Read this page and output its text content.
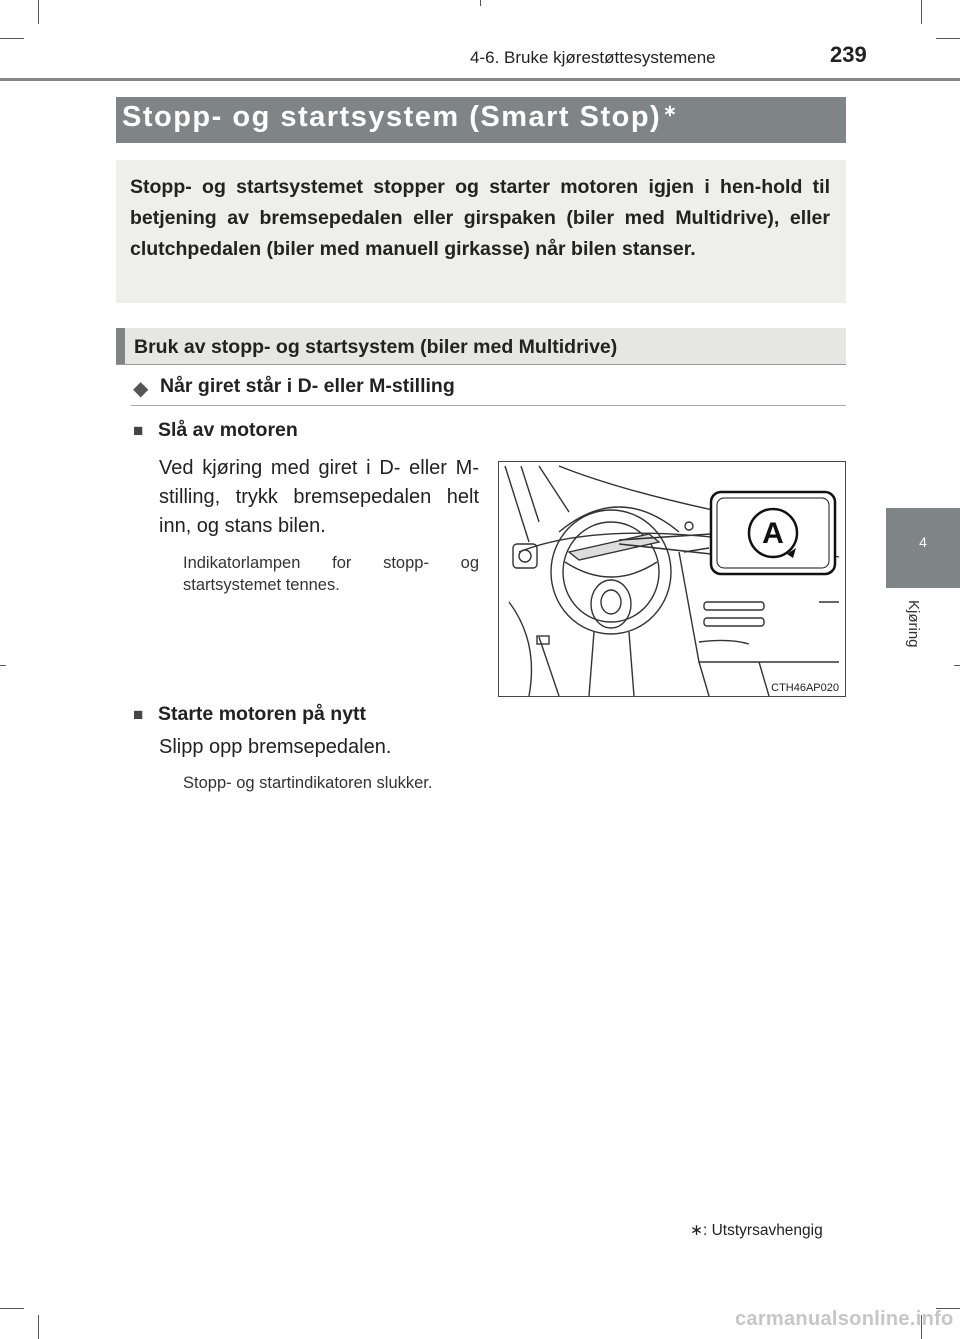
4-6. Bruke kjørestøttesystemene	239
4
Kjøring
Stopp- og startsystem (Smart Stop) ∗
Stopp- og startsystemet stopper og starter motoren igjen i hen-hold til betjening av bremsepedalen eller girspaken (biler med Multidrive), eller clutchpedalen (biler med manuell girkasse) når bilen stanser.
Bruk av stopp- og startsystem (biler med Multidrive)
◆ Når giret står i D- eller M-stilling
■ Slå av motoren
Ved kjøring med giret i D- eller M-stilling, trykk bremsepedalen helt inn, og stans bilen.
Indikatorlampen for stopp- og startsystemet tennes.
A
CTH46AP020
■ Starte motoren på nytt
Slipp opp bremsepedalen.
Stopp- og startindikatoren slukker.
∗: Utstyrsavhengig
carmanualsonline.info
